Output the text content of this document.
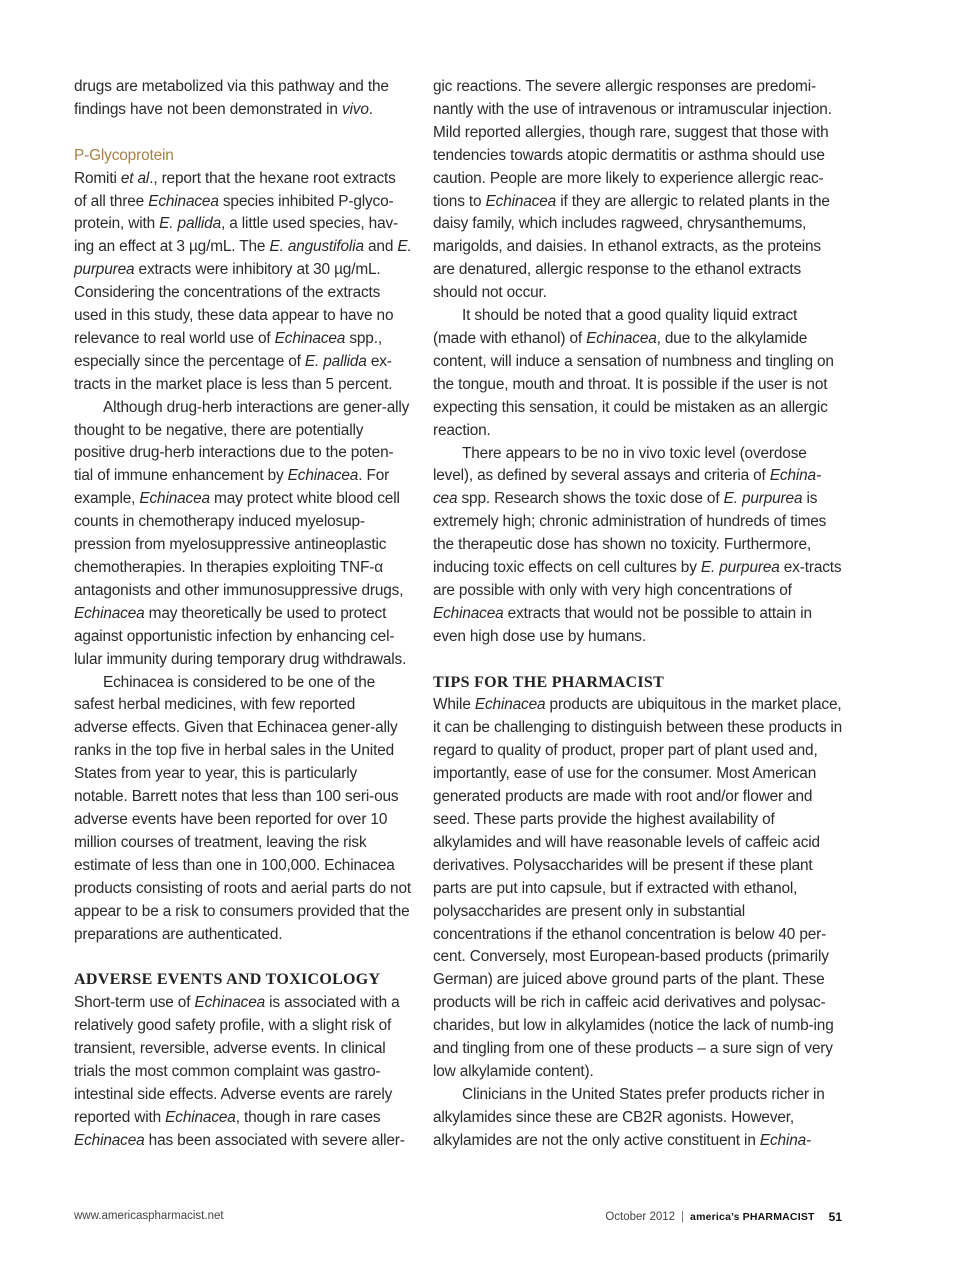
drugs are metabolized via this pathway and the findings have not been demonstrated in vivo.

P-Glycoprotein

Romiti et al., report that the hexane root extracts of all three Echinacea species inhibited P-glyco-protein, with E. pallida, a little used species, hav-ing an effect at 3 µg/mL. The E. angustifolia and E. purpurea extracts were inhibitory at 30 µg/mL. Considering the concentrations of the extracts used in this study, these data appear to have no relevance to real world use of Echinacea spp., especially since the percentage of E. pallida ex-tracts in the market place is less than 5 percent.

Although drug-herb interactions are gener-ally thought to be negative, there are potentially positive drug-herb interactions due to the poten-tial of immune enhancement by Echinacea. For example, Echinacea may protect white blood cell counts in chemotherapy induced myelosup-pression from myelosuppressive antineoplastic chemotherapies. In therapies exploiting TNF-α antagonists and other immunosuppressive drugs, Echinacea may theoretically be used to protect against opportunistic infection by enhancing cel-lular immunity during temporary drug withdrawals.

Echinacea is considered to be one of the safest herbal medicines, with few reported adverse effects. Given that Echinacea gener-ally ranks in the top five in herbal sales in the United States from year to year, this is particularly notable. Barrett notes that less than 100 seri-ous adverse events have been reported for over 10 million courses of treatment, leaving the risk estimate of less than one in 100,000. Echinacea products consisting of roots and aerial parts do not appear to be a risk to consumers provided that the preparations are authenticated.

ADVERSE EVENTS AND TOXICOLOGY

Short-term use of Echinacea is associated with a relatively good safety profile, with a slight risk of transient, reversible, adverse events. In clinical trials the most common complaint was gastro-intestinal side effects. Adverse events are rarely reported with Echinacea, though in rare cases Echinacea has been associated with severe aller-

gic reactions. The severe allergic responses are predomi-nantly with the use of intravenous or intramuscular injection. Mild reported allergies, though rare, suggest that those with tendencies towards atopic dermatitis or asthma should use caution. People are more likely to experience allergic reac-tions to Echinacea if they are allergic to related plants in the daisy family, which includes ragweed, chrysanthemums, marigolds, and daisies. In ethanol extracts, as the proteins are denatured, allergic response to the ethanol extracts should not occur.

It should be noted that a good quality liquid extract (made with ethanol) of Echinacea, due to the alkylamide content, will induce a sensation of numbness and tingling on the tongue, mouth and throat. It is possible if the user is not expecting this sensation, it could be mistaken as an allergic reaction.

There appears to be no in vivo toxic level (overdose level), as defined by several assays and criteria of Echina-cea spp. Research shows the toxic dose of E. purpurea is extremely high; chronic administration of hundreds of times the therapeutic dose has shown no toxicity. Furthermore, inducing toxic effects on cell cultures by E. purpurea ex-tracts are possible with only with very high concentrations of Echinacea extracts that would not be possible to attain in even high dose use by humans.

TIPS FOR THE PHARMACIST

While Echinacea products are ubiquitous in the market place, it can be challenging to distinguish between these products in regard to quality of product, proper part of plant used and, importantly, ease of use for the consumer. Most American generated products are made with root and/or flower and seed. These parts provide the highest availability of alkylamides and will have reasonable levels of caffeic acid derivatives. Polysaccharides will be present if these plant parts are put into capsule, but if extracted with ethanol, polysaccharides are present only in substantial concentrations if the ethanol concentration is below 40 per-cent. Conversely, most European-based products (primarily German) are juiced above ground parts of the plant. These products will be rich in caffeic acid derivatives and polysac-charides, but low in alkylamides (notice the lack of numb-ing and tingling from one of these products – a sure sign of very low alkylamide content).

Clinicians in the United States prefer products richer in alkylamides since these are CB2R agonists. However, alkylamides are not the only active constituent in Echina-

www.americaspharmacist.net	October 2012 | america’s PHARMACIST 51
